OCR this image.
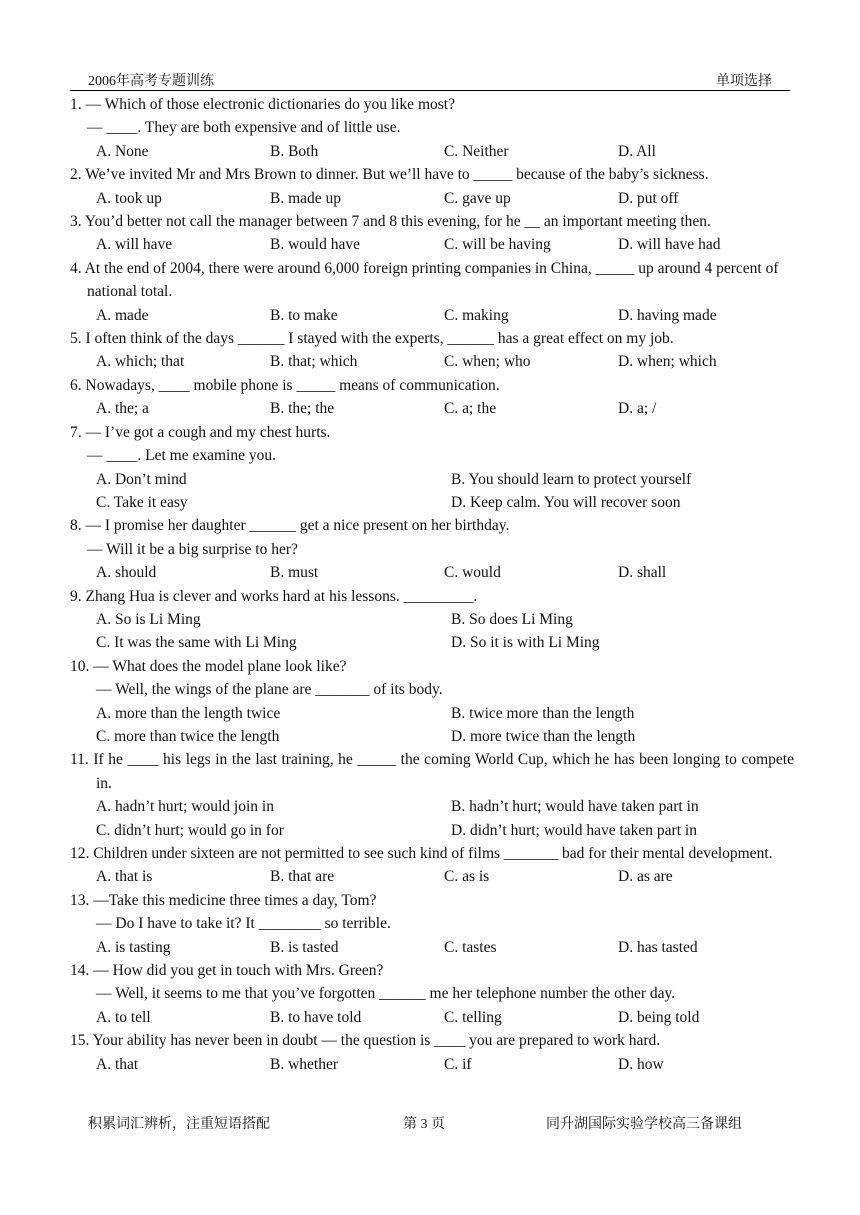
2006年高考专题训练	单项选择
1. — Which of those electronic dictionaries do you like most?
— ____. They are both expensive and of little use.
A. None	B. Both	C. Neither	D. All
2. We’ve invited Mr and Mrs Brown to dinner. But we’ll have to _____ because of the baby’s sickness.
A. took up	B. made up	C. gave up	D. put off
3. You’d better not call the manager between 7 and 8 this evening, for he __ an important meeting then.
A. will have	B. would have	C. will be having	D. will have had
4. At the end of 2004, there were around 6,000 foreign printing companies in China, _____ up around 4 percent of national total.
A. made	B. to make	C. making	D. having made
5. I often think of the days ______ I stayed with the experts, ______ has a great effect on my job.
A. which; that	B. that; which	C. when; who	D. when; which
6. Nowadays, ____ mobile phone is _____ means of communication.
A. the; a	B. the; the	C. a; the	D. a; /
7. — I’ve got a cough and my chest hurts.
— ____. Let me examine you.
A. Don’t mind	B. You should learn to protect yourself
C. Take it easy	D. Keep calm. You will recover soon
8. — I promise her daughter ______ get a nice present on her birthday.
— Will it be a big surprise to her?
A. should	B. must	C. would	D. shall
9. Zhang Hua is clever and works hard at his lessons. _________.
A. So is Li Ming	B. So does Li Ming
C. It was the same with Li Ming	D. So it is with Li Ming
10. — What does the model plane look like?
— Well, the wings of the plane are _______ of its body.
A. more than the length twice	B. twice more than the length
C. more than twice the length	D. more twice than the length
11. If he ____ his legs in the last training, he _____ the coming World Cup, which he has been longing to compete in.
A. hadn’t hurt; would join in	B. hadn’t hurt; would have taken part in
C. didn’t hurt; would go in for	D. didn’t hurt; would have taken part in
12. Children under sixteen are not permitted to see such kind of films _______ bad for their mental development.
A. that is	B. that are	C. as is	D. as are
13. —Take this medicine three times a day, Tom?
— Do I have to take it? It ________ so terrible.
A. is tasting	B. is tasted	C. tastes	D. has tasted
14. — How did you get in touch with Mrs. Green?
— Well, it seems to me that you’ve forgotten ______ me her telephone number the other day.
A. to tell	B. to have told	C. telling	D. being told
15. Your ability has never been in doubt — the question is ____ you are prepared to work hard.
A. that	B. whether	C. if	D. how
积累词汇辨析，注重短语搭配	第 3 页	同升湖国际实验学校高三备课组
